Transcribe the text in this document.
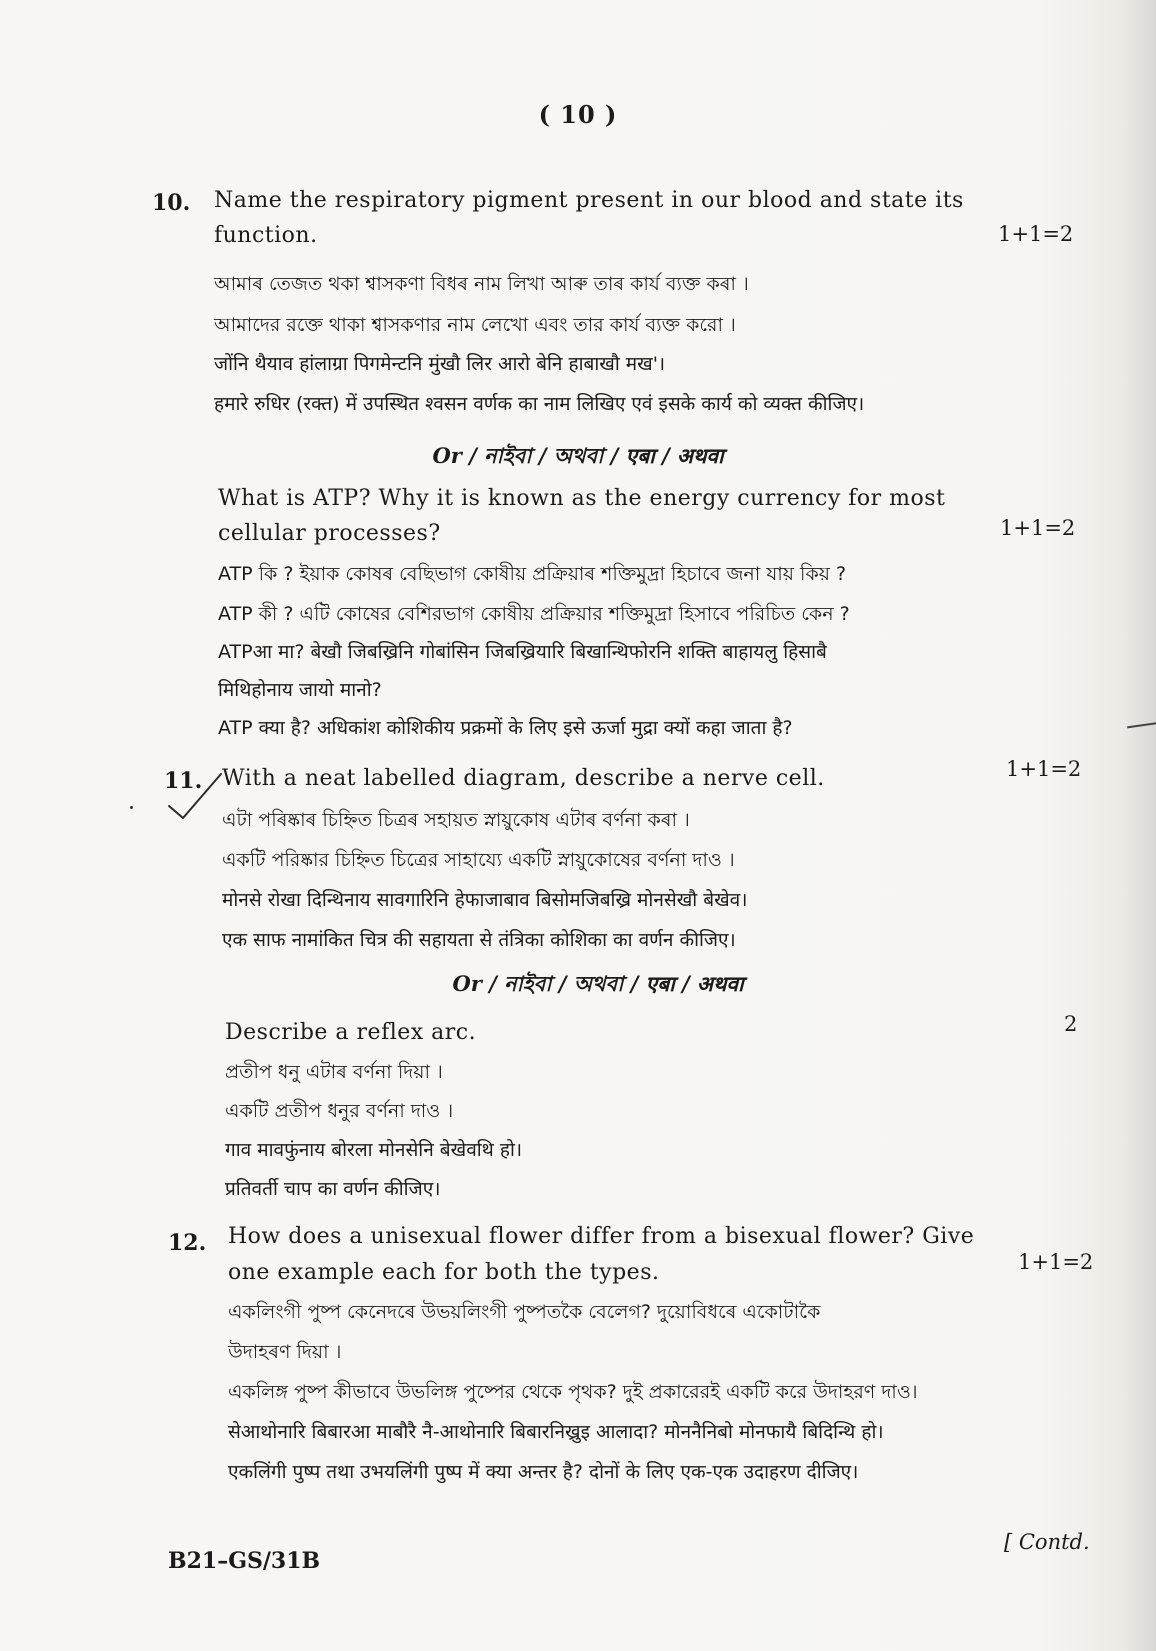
( 10 )
10. Name the respiratory pigment present in our blood and state its
function.	1+1=2
আমাৰ তেজত থকা শ্বাসকণা বিধৰ নাম লিখা আৰু তাৰ কাৰ্য ব্যক্ত কৰা ।
আমাদের রক্তে থাকা শ্বাসকণার নাম লেখো এবং তার কার্য ব্যক্ত করো ।
जोंनि थैयाव हांलाग्रा पिगमेन्टनि मुंखौ लिर आरो बेनि हाबाखौ मख'।
हमारे रुधिर (रक्त) में उपस्थित श्वसन वर्णक का नाम लिखिए एवं इसके कार्य को व्यक्त कीजिए।
Or / নাইবা / অথবা / एबा / अथवा
What is ATP? Why it is known as the energy currency for most
cellular processes?	1+1=2
ATP কি ? ইয়াক কোষৰ বেছিভাগ কোষীয় প্ৰক্ৰিয়াৰ শক্তিমুদ্ৰা হিচাবে জনা যায় কিয় ?
ATP কী ? এটি কোষের বেশিরভাগ কোষীয় প্রক্রিয়ার শক্তিমুদ্রা হিসাবে পরিচিত কেন ?
ATPआ मा? बेखौ जिबख्रिनि गोबांसिन जिबख्रियारि बिखान्थिफोरनि शक्ति बाहायलु हिसाबै
मिथिहोनाय जायो मानो?
ATP क्या है? अधिकांश कोशिकीय प्रक्रमों के लिए इसे ऊर्जा मुद्रा क्यों कहा जाता है?
11. With a neat labelled diagram, describe a nerve cell.	1+1=2
এটা পৰিষ্কাৰ চিহ্নিত চিত্ৰৰ সহায়ত স্নায়ুকোষ এটাৰ বৰ্ণনা কৰা ।
একটি পরিষ্কার চিহ্নিত চিত্রের সাহায্যে একটি স্নায়ুকোষের বর্ণনা দাও ।
मोनसे रोखा दिन्थिनाय सावगारिनि हेफाजाबाव बिसोमजिबख्रि मोनसेखौ बेखेव।
एक साफ नामांकित चित्र की सहायता से तंत्रिका कोशिका का वर्णन कीजिए।
Or / নাইবা / অথবা / एबा / अथवा
Describe a reflex arc.	2
প্ৰতীপ ধনু এটাৰ বৰ্ণনা দিয়া ।
একটি প্রতীপ ধনুর বর্ণনা দাও ।
गाव मावफुंनाय बोरला मोनसेनि बेखेवथि हो।
प्रतिवर्ती चाप का वर्णन कीजिए।
12. How does a unisexual flower differ from a bisexual flower? Give
one example each for both the types.	1+1=2
একলিংগী পুষ্প কেনেদৰে উভয়লিংগী পুষ্পতকৈ বেলেগ? দুয়োবিধৰে একোটাকৈ
উদাহৰণ দিয়া ।
একলিঙ্গ পুষ্প কীভাবে উভলিঙ্গ পুষ্পের থেকে পৃথক? দুই প্রকারেরই একটি করে উদাহরণ দাও।
सेआथोनारि बिबारआ माबौरै नै-आथोनारि बिबारनिख्रुइ आलादा? मोननैनिबो मोनफायै बिदिन्थि हो।
एकलिंगी पुष्प तथा उभयलिंगी पुष्प में क्या अन्तर है? दोनों के लिए एक-एक उदाहरण दीजिए।
B21–GS/31B
[ Contd.
